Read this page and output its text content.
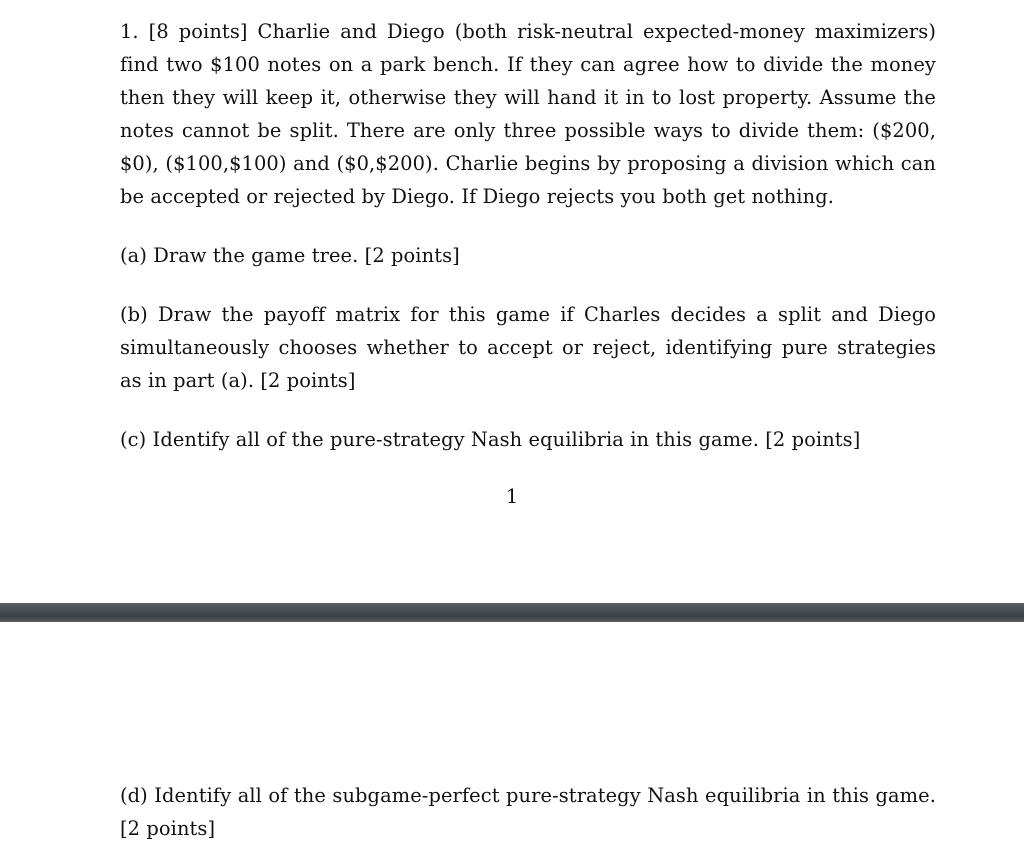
1. [8 points] Charlie and Diego (both risk-neutral expected-money maximizers) find two $100 notes on a park bench. If they can agree how to divide the money then they will keep it, otherwise they will hand it in to lost property. Assume the notes cannot be split. There are only three possible ways to divide them: ($200, $0), ($100,$100) and ($0,$200). Charlie begins by proposing a division which can be accepted or rejected by Diego. If Diego rejects you both get nothing.

(a) Draw the game tree. [2 points]

(b) Draw the payoff matrix for this game if Charles decides a split and Diego simultaneously chooses whether to accept or reject, identifying pure strategies as in part (a). [2 points]

(c) Identify all of the pure-strategy Nash equilibria in this game. [2 points]

1

(d) Identify all of the subgame-perfect pure-strategy Nash equilibria in this game. [2 points]
